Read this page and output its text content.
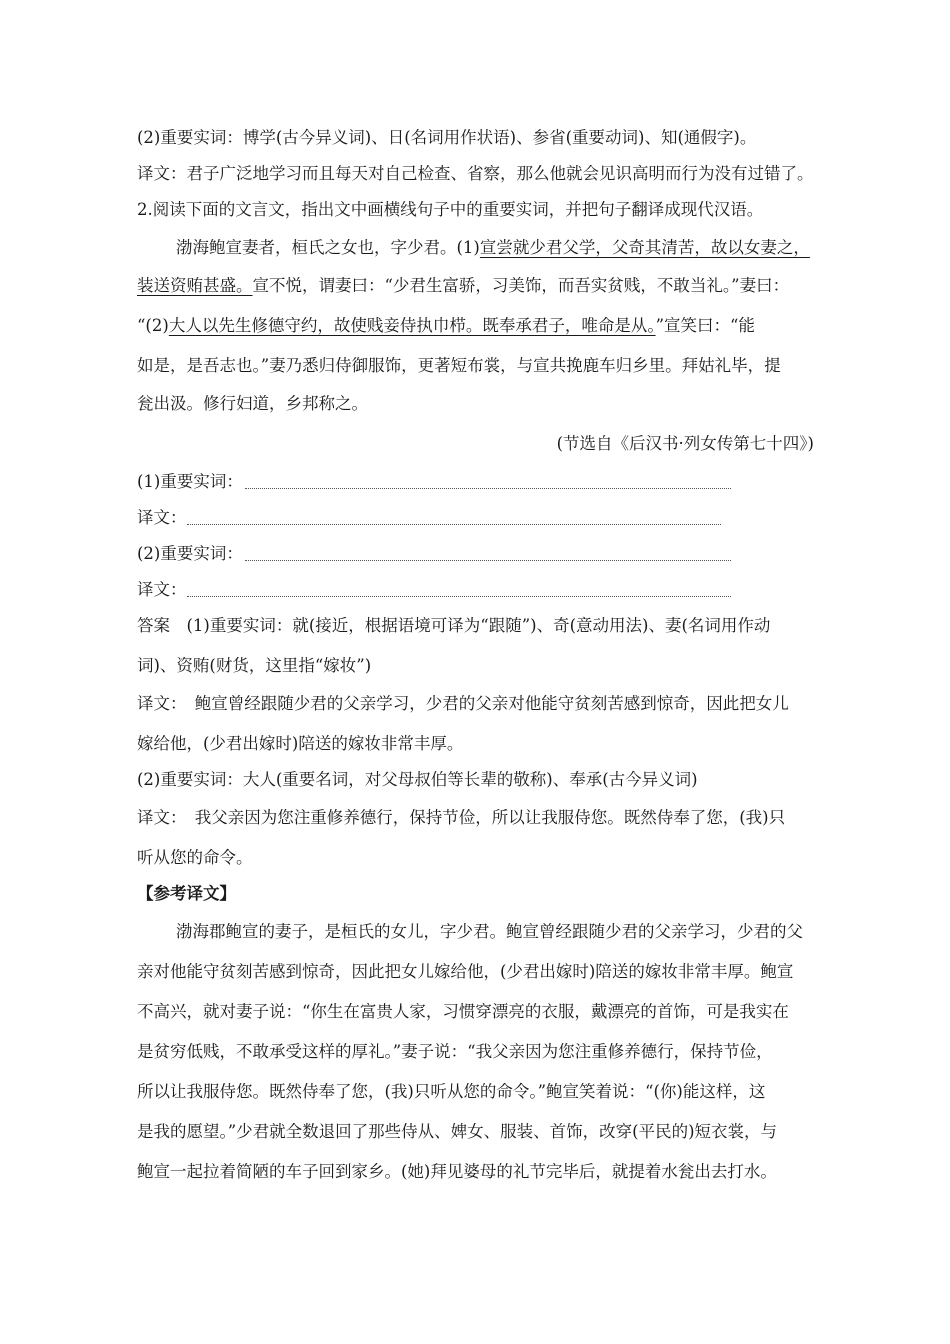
(2)重要实词：博学(古今异义词)、日(名词用作状语)、参省(重要动词)、知(通假字)。
译文：君子广泛地学习而且每天对自己检查、省察，那么他就会见识高明而行为没有过错了。
2.阅读下面的文言文，指出文中画横线句子中的重要实词，并把句子翻译成现代汉语。
渤海鲍宣妻者，桓氏之女也，字少君。(1)宣尝就少君父学，父奇其清苦，故以女妻之，
装送资贿甚盛。宣不悦，谓妻曰：“少君生富骄，习美饰，而吾实贫贱，不敢当礼。”妻曰：
“(2)大人以先生修德守约，故使贱妾侍执巾栉。既奉承君子，唯命是从。”宣笑曰：“能
如是，是吾志也。”妻乃悉归侍御服饰，更著短布裳，与宣共挽鹿车归乡里。拜姑礼毕，提
瓮出汲。修行妇道，乡邦称之。
(节选自《后汉书·列女传第七十四》)
(1)重要实词：
译文：
(2)重要实词：
译文：
答案　(1)重要实词：就(接近，根据语境可译为“跟随”)、奇(意动用法)、妻(名词用作动
词)、资贿(财货，这里指“嫁妆”)
译文：　鲍宣曾经跟随少君的父亲学习，少君的父亲对他能守贫刻苦感到惊奇，因此把女儿
嫁给他，(少君出嫁时)陪送的嫁妆非常丰厚。
(2)重要实词：大人(重要名词，对父母叔伯等长辈的敬称)、奉承(古今异义词)
译文：　我父亲因为您注重修养德行，保持节俭，所以让我服侍您。既然侍奉了您，(我)只
听从您的命令。
【参考译文】
渤海郡鲍宣的妻子，是桓氏的女儿，字少君。鲍宣曾经跟随少君的父亲学习，少君的父
亲对他能守贫刻苦感到惊奇，因此把女儿嫁给他，(少君出嫁时)陪送的嫁妆非常丰厚。鲍宣
不高兴，就对妻子说：“你生在富贵人家，习惯穿漂亮的衣服，戴漂亮的首饰，可是我实在
是贫穷低贱，不敢承受这样的厚礼。”妻子说：“我父亲因为您注重修养德行，保持节俭，
所以让我服侍您。既然侍奉了您，(我)只听从您的命令。”鲍宣笑着说：“(你)能这样，这
是我的愿望。”少君就全数退回了那些侍从、婢女、服装、首饰，改穿(平民的)短衣裳，与
鲍宣一起拉着简陋的车子回到家乡。(她)拜见婆母的礼节完毕后，就提着水瓮出去打水。
